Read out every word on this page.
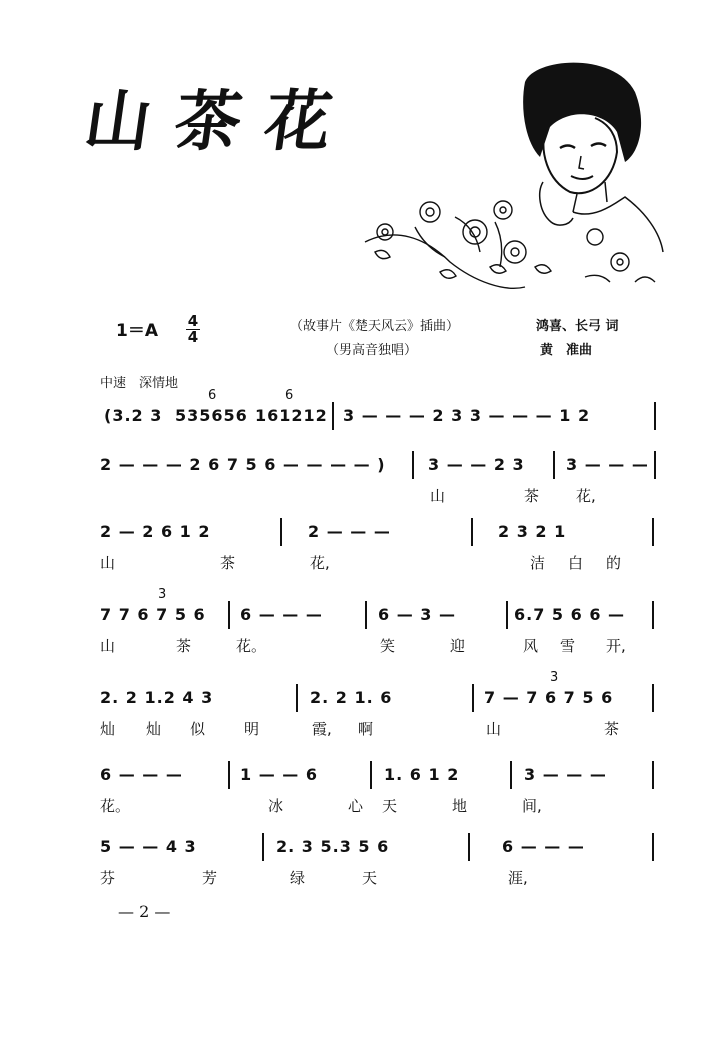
山茶花
$1=A \frac{4}{4}$	（故事片《楚天风云》插曲）
（男高音独唱）
鸿喜、长弓 词
黄　准曲
中速　深情地
(3.2 3 535656 161212 3 — — — 2 3 3 — — — 1 2
6	6
2 — — — 2 6 7 5 6 — — — — )	3 — — 2 3	3 — — —
山	茶 花,
2 — 2 6 1 2	2 — — —	2 3 2 1
山	茶	花,	洁 白 的
7 7 6 7 5 6 6 — — —	6 — 3 —	6.7 5 6 6 —
3
山	茶	花。	笑	迎	风 雪 开,
2. 2 1.2 4 3	2. 2 1. 6	7 — 7 6 7 5 6
3
灿 灿 似	明	霞, 啊	山	茶
6 — — —	1 — — 6	1. 6 1 2	3 — — —
花。	冰	心 天	地	间,
5 — — 4 3	2. 3 5.3 5 6	6 — — —
芬	芳	绿	天	涯,
— 2 —
